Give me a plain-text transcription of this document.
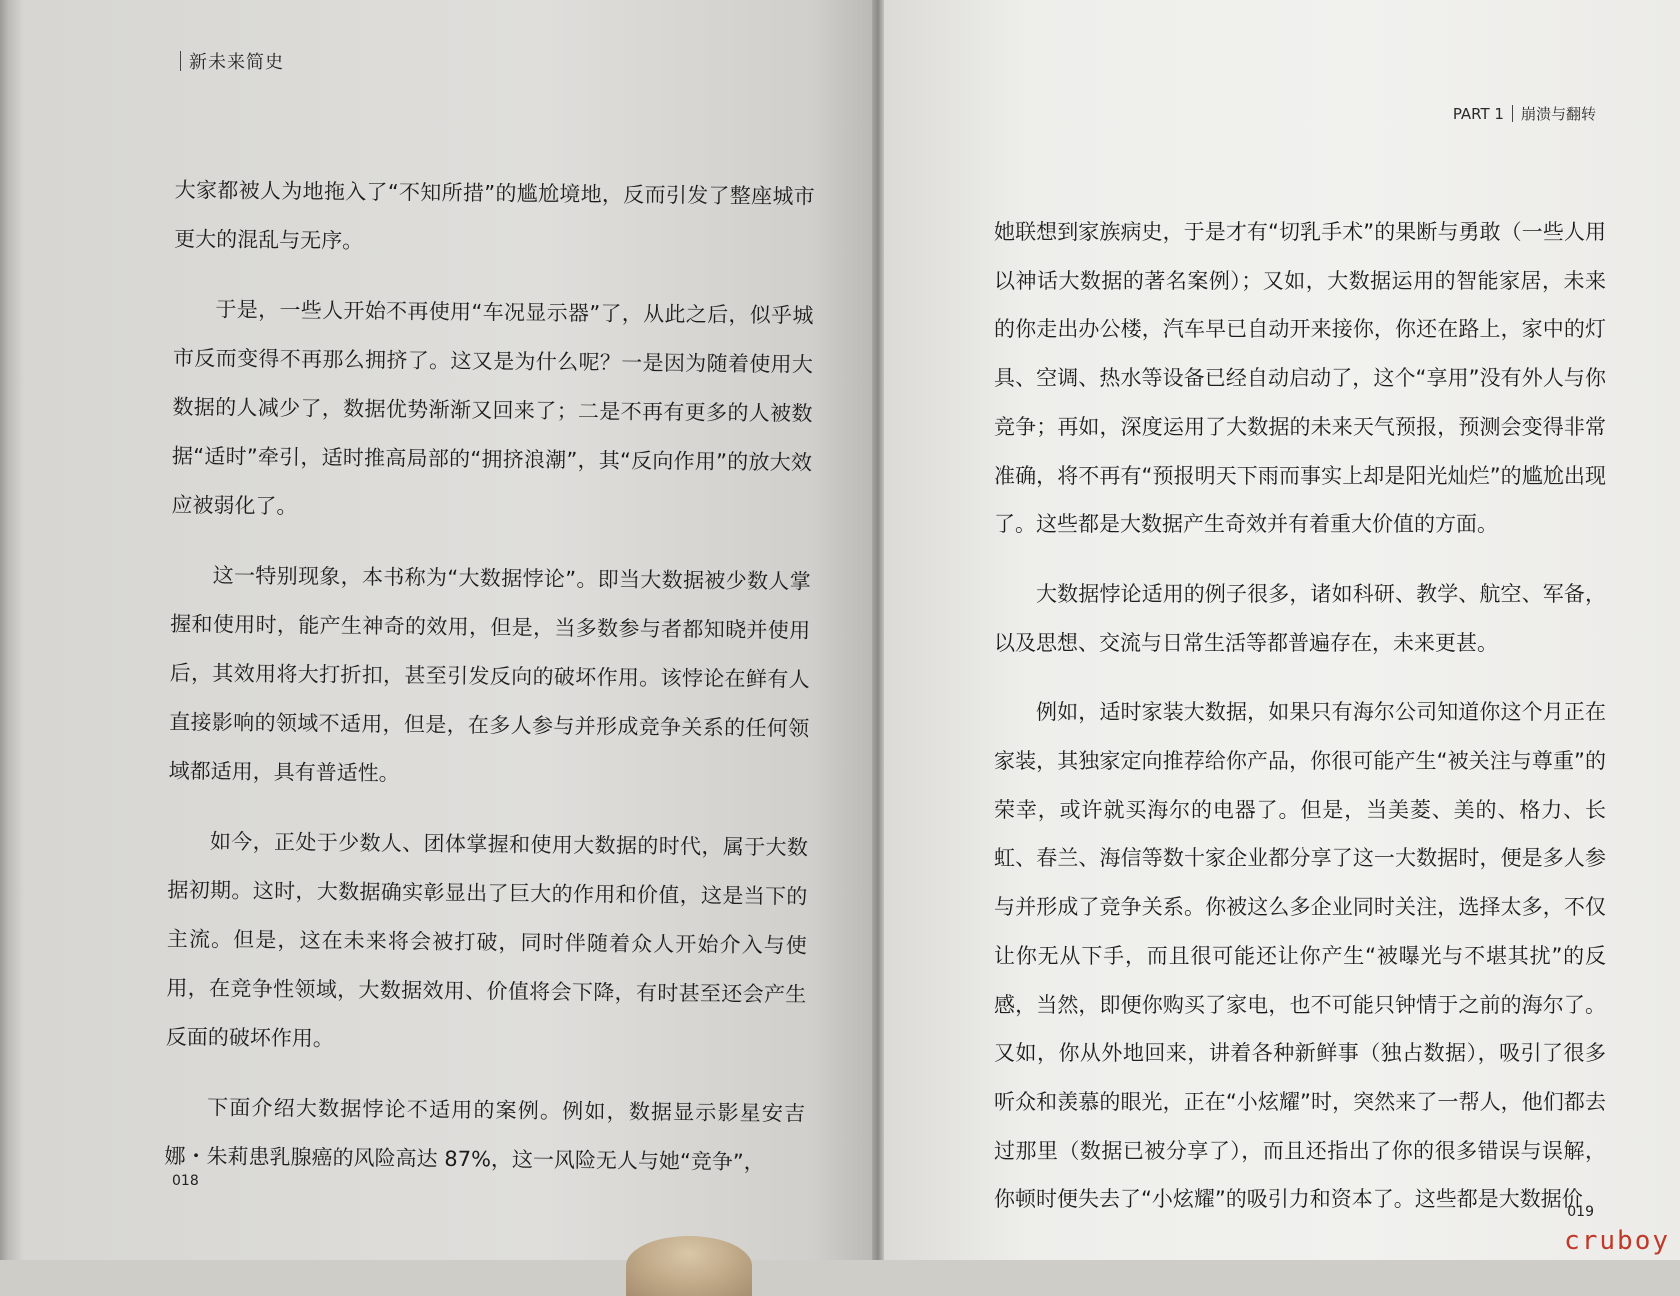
新未来简史

大家都被人为地拖入了“不知所措”的尴尬境地，反而引发了整座城市更大的混乱与无序。

于是，一些人开始不再使用“车况显示器”了，从此之后，似乎城市反而变得不再那么拥挤了。这又是为什么呢？一是因为随着使用大数据的人减少了，数据优势渐渐又回来了；二是不再有更多的人被数据“适时”牵引，适时推高局部的“拥挤浪潮”，其“反向作用”的放大效应被弱化了。

这一特别现象，本书称为“大数据悖论”。即当大数据被少数人掌握和使用时，能产生神奇的效用，但是，当多数参与者都知晓并使用后，其效用将大打折扣，甚至引发反向的破坏作用。该悖论在鲜有人直接影响的领域不适用，但是，在多人参与并形成竞争关系的任何领域都适用，具有普适性。

如今，正处于少数人、团体掌握和使用大数据的时代，属于大数据初期。这时，大数据确实彰显出了巨大的作用和价值，这是当下的主流。但是，这在未来将会被打破，同时伴随着众人开始介入与使用，在竞争性领域，大数据效用、价值将会下降，有时甚至还会产生反面的破坏作用。

下面介绍大数据悖论不适用的案例。例如，数据显示影星安吉娜・朱莉患乳腺癌的风险高达 87%，这一风险无人与她“竞争”，

018
PART 1 崩溃与翻转

她联想到家族病史，于是才有“切乳手术”的果断与勇敢（一些人用以神话大数据的著名案例）；又如，大数据运用的智能家居，未来的你走出办公楼，汽车早已自动开来接你，你还在路上，家中的灯具、空调、热水等设备已经自动启动了，这个“享用”没有外人与你竞争；再如，深度运用了大数据的未来天气预报，预测会变得非常准确，将不再有“预报明天下雨而事实上却是阳光灿烂”的尴尬出现了。这些都是大数据产生奇效并有着重大价值的方面。

大数据悖论适用的例子很多，诸如科研、教学、航空、军备，以及思想、交流与日常生活等都普遍存在，未来更甚。

例如，适时家装大数据，如果只有海尔公司知道你这个月正在家装，其独家定向推荐给你产品，你很可能产生“被关注与尊重”的荣幸，或许就买海尔的电器了。但是，当美菱、美的、格力、长虹、春兰、海信等数十家企业都分享了这一大数据时，便是多人参与并形成了竞争关系。你被这么多企业同时关注，选择太多，不仅让你无从下手，而且很可能还让你产生“被曝光与不堪其扰”的反感，当然，即便你购买了家电，也不可能只钟情于之前的海尔了。又如，你从外地回来，讲着各种新鲜事（独占数据），吸引了很多听众和羡慕的眼光，正在“小炫耀”时，突然来了一帮人，他们都去过那里（数据已被分享了），而且还指出了你的很多错误与误解，你顿时便失去了“小炫耀”的吸引力和资本了。这些都是大数据价

019
cruboy
